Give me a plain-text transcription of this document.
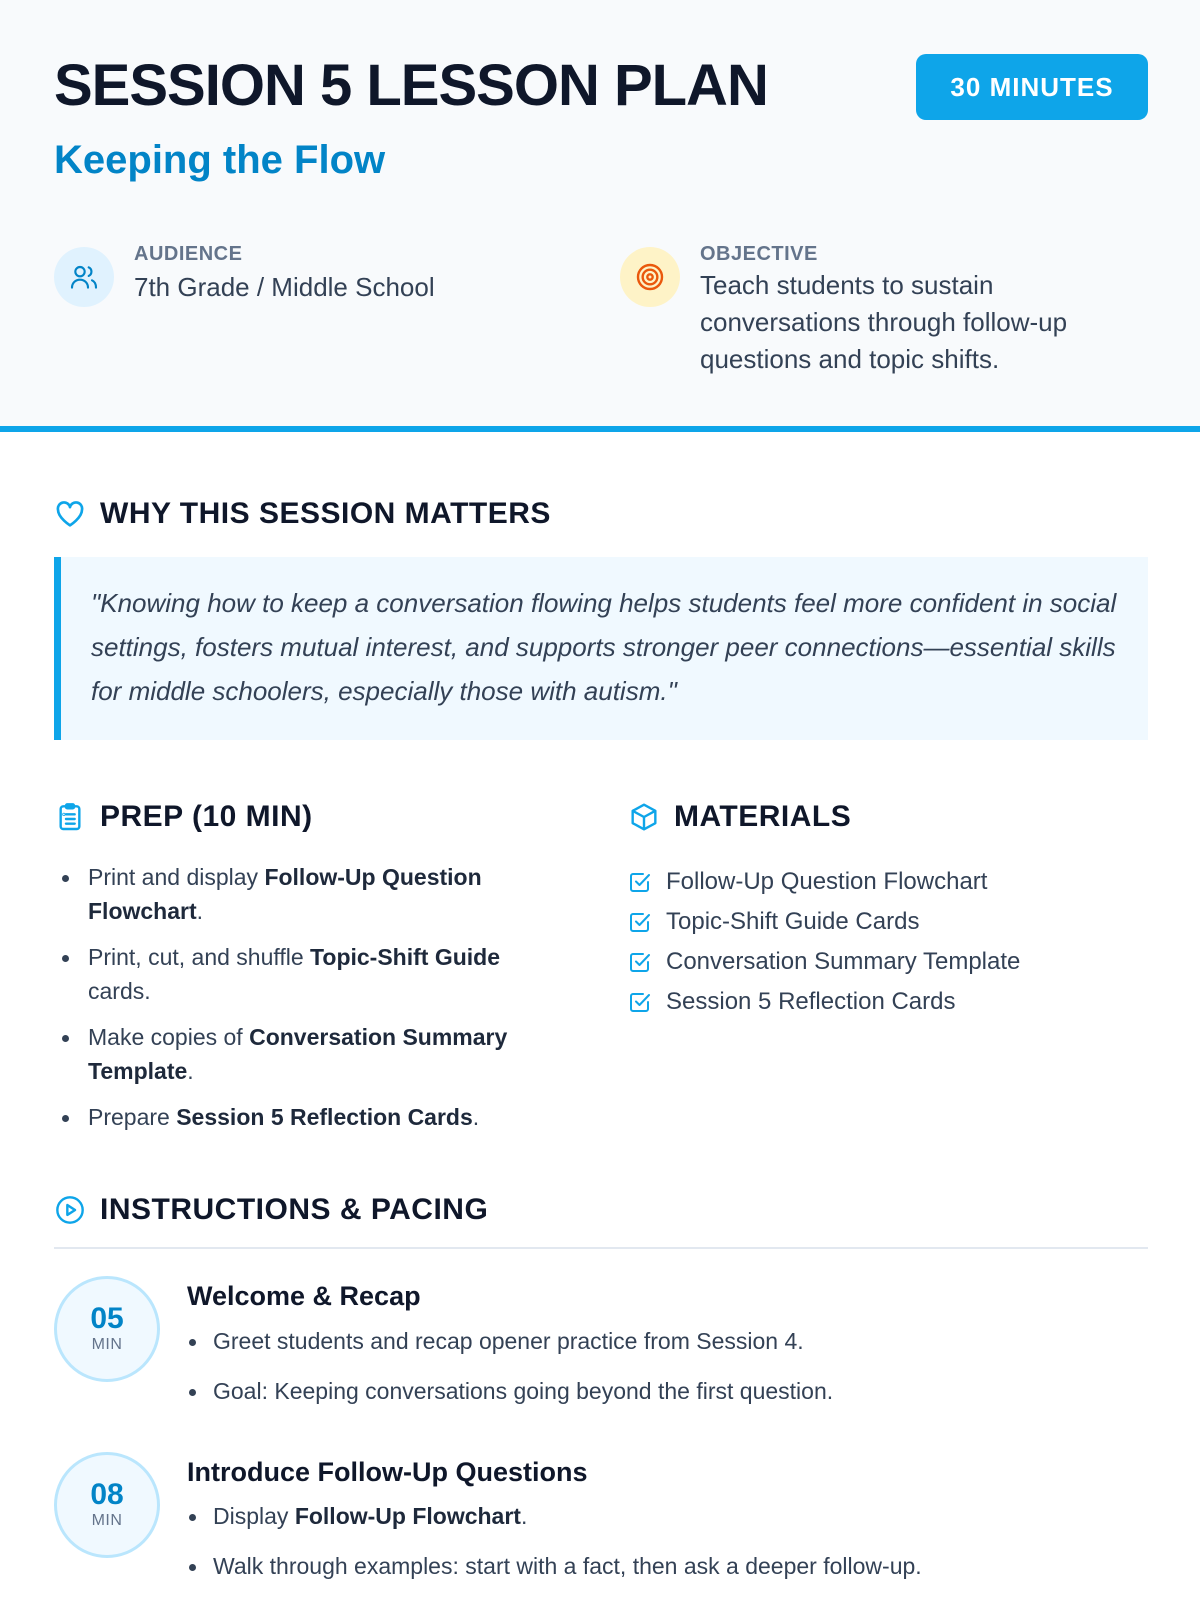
SESSION 5 LESSON PLAN
Keeping the Flow
30 MINUTES
AUDIENCE
7th Grade / Middle School
OBJECTIVE
Teach students to sustain conversations through follow-up questions and topic shifts.
WHY THIS SESSION MATTERS
"Knowing how to keep a conversation flowing helps students feel more confident in social settings, fosters mutual interest, and supports stronger peer connections—essential skills for middle schoolers, especially those with autism."
PREP (10 MIN)
Print and display Follow-Up Question Flowchart.
Print, cut, and shuffle Topic-Shift Guide cards.
Make copies of Conversation Summary Template.
Prepare Session 5 Reflection Cards.
MATERIALS
Follow-Up Question Flowchart
Topic-Shift Guide Cards
Conversation Summary Template
Session 5 Reflection Cards
INSTRUCTIONS & PACING
05
MIN
Welcome & Recap
Greet students and recap opener practice from Session 4.
Goal: Keeping conversations going beyond the first question.
08
MIN
Introduce Follow-Up Questions
Display Follow-Up Flowchart.
Walk through examples: start with a fact, then ask a deeper follow-up.
